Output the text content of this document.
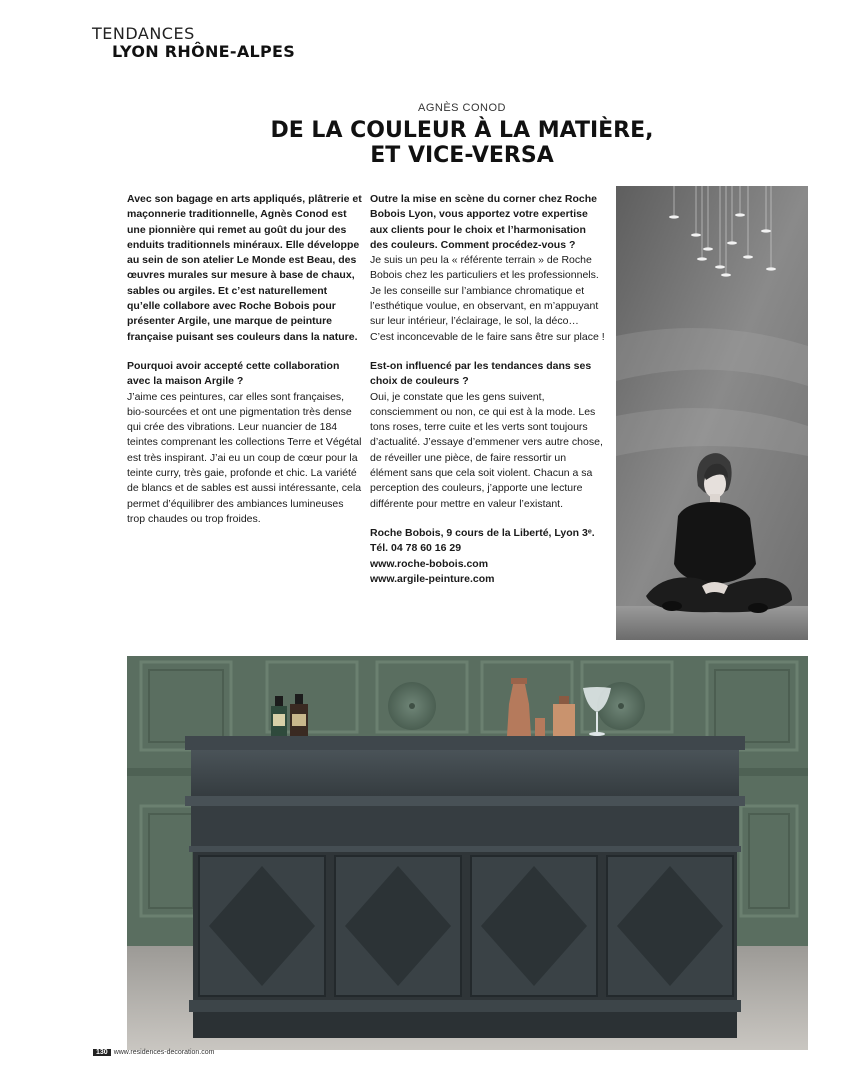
TENDANCES
LYON RHÔNE-ALPES
AGNÈS CONOD
DE LA COULEUR À LA MATIÈRE,
ET VICE-VERSA

Avec son bagage en arts appliqués, plâtrerie et maçonnerie traditionnelle, Agnès Conod est une pionnière qui remet au goût du jour des enduits traditionnels minéraux. Elle développe au sein de son atelier Le Monde est Beau, des œuvres murales sur mesure à base de chaux, sables ou argiles. Et c’est naturellement qu’elle collabore avec Roche Bobois pour présenter Argile, une marque de peinture française puisant ses couleurs dans la nature.

Pourquoi avoir accepté cette collaboration avec la maison Argile ?

J’aime ces peintures, car elles sont françaises, bio-sourcées et ont une pigmentation très dense qui crée des vibrations. Leur nuancier de 184 teintes comprenant les collections Terre et Végétal est très inspirant. J’ai eu un coup de cœur pour la teinte curry, très gaie, profonde et chic. La variété de blancs et de sables est aussi intéressante, cela permet d’équilibrer des ambiances lumineuses trop chaudes ou trop froides.

Outre la mise en scène du corner chez Roche Bobois Lyon, vous apportez votre expertise aux clients pour le choix et l’harmonisation des couleurs. Comment procédez-vous ?

Je suis un peu la « référente terrain » de Roche Bobois chez les particuliers et les professionnels. Je les conseille sur l’ambiance chromatique et l’esthétique voulue, en observant, en m’appuyant sur leur intérieur, l’éclairage, le sol, la déco… C’est inconcevable de le faire sans être sur place !

Est-on influencé par les tendances dans ses choix de couleurs ?

Oui, je constate que les gens suivent, consciemment ou non, ce qui est à la mode. Les tons roses, terre cuite et les verts sont toujours d’actualité. J’essaye d’emmener vers autre chose, de réveiller une pièce, de faire ressortir un élément sans que cela soit violent. Chacun a sa perception des couleurs, j’apporte une lecture différente pour mettre en valeur l’existant.

Roche Bobois, 9 cours de la Liberté, Lyon 3ᵉ. Tél. 04 78 60 16 29

www.roche-bobois.com

www.argile-peinture.com

130 www.residences-decoration.com
